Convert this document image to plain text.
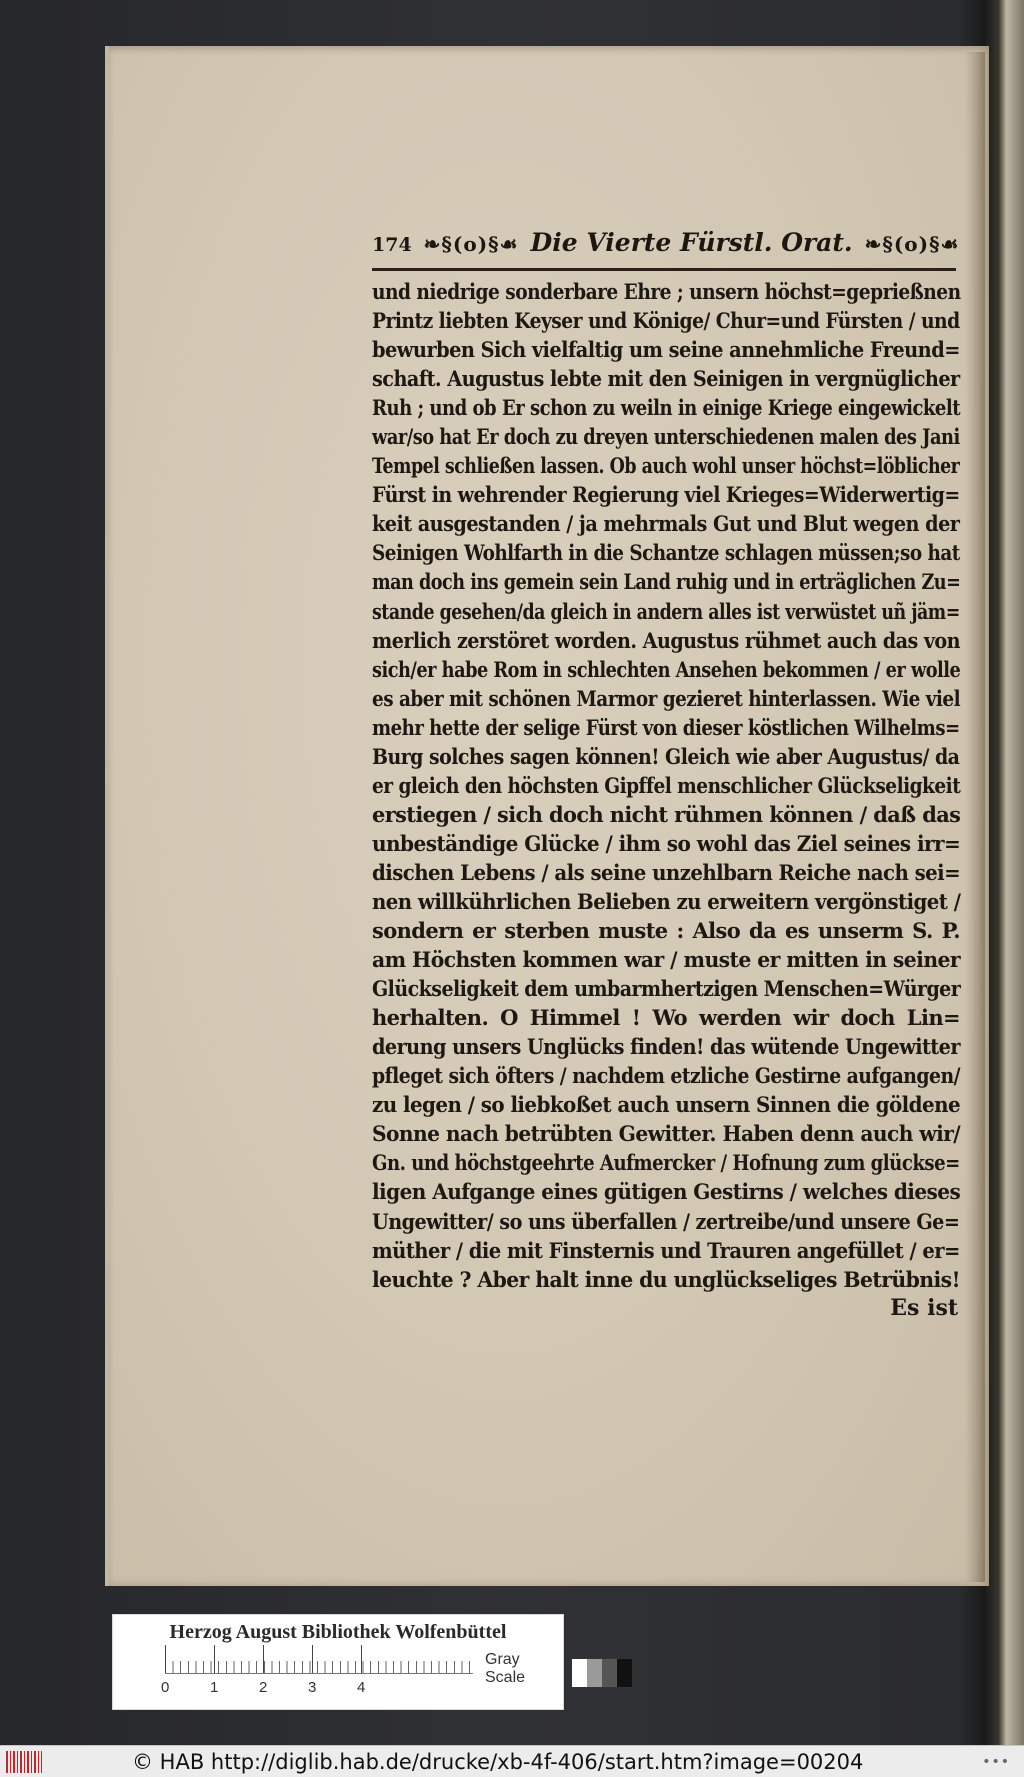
174 ❧§(o)§☙ Die Vierte Fürstl. Orat. ❧§(o)§☙
und niedrige sonderbare Ehre ; unsern höchst=geprießnen
Printz liebten Keyser und Könige/ Chur=und Fürsten / und
bewurben Sich vielfaltig um seine annehmliche Freund=
schaft. Augustus lebte mit den Seinigen in vergnüglicher
Ruh ; und ob Er schon zu weiln in einige Kriege eingewickelt
war/so hat Er doch zu dreyen unterschiedenen malen des Jani
Tempel schließen lassen. Ob auch wohl unser höchst=löblicher
Fürst in wehrender Regierung viel Krieges=Widerwertig=
keit ausgestanden / ja mehrmals Gut und Blut wegen der
Seinigen Wohlfarth in die Schantze schlagen müssen;so hat
man doch ins gemein sein Land ruhig und in erträglichen Zu=
stande gesehen/da gleich in andern alles ist verwüstet uñ jäm=
merlich zerstöret worden. Augustus rühmet auch das von
sich/er habe Rom in schlechten Ansehen bekommen / er wolle
es aber mit schönen Marmor gezieret hinterlassen. Wie viel
mehr hette der selige Fürst von dieser köstlichen Wilhelms=
Burg solches sagen können! Gleich wie aber Augustus/ da
er gleich den höchsten Gipffel menschlicher Glückseligkeit
erstiegen / sich doch nicht rühmen können / daß das
unbeständige Glücke / ihm so wohl das Ziel seines irr=
dischen Lebens / als seine unzehlbarn Reiche nach sei=
nen willkührlichen Belieben zu erweitern vergönstiget /
sondern er sterben muste : Also da es unserm S. P.
am Höchsten kommen war / muste er mitten in seiner
Glückseligkeit dem umbarmhertzigen Menschen=Würger
herhalten. O Himmel ! Wo werden wir doch Lin=
derung unsers Unglücks finden! das wütende Ungewitter
pfleget sich öfters / nachdem etzliche Gestirne aufgangen/
zu legen / so liebkoßet auch unsern Sinnen die göldene
Sonne nach betrübten Gewitter. Haben denn auch wir/
Gn. und höchstgeehrte Aufmercker / Hofnung zum glückse=
ligen Aufgange eines gütigen Gestirns / welches dieses
Ungewitter/ so uns überfallen / zertreibe/und unsere Ge=
müther / die mit Finsternis und Trauren angefüllet / er=
leuchte ? Aber halt inne du unglückseliges Betrübnis!
Es ist
Herzog August Bibliothek Wolfenbüttel
0	1	2	3	4
Gray Scale
© HAB http://diglib.hab.de/drucke/xb-4f-406/start.htm?image=00204	•••
